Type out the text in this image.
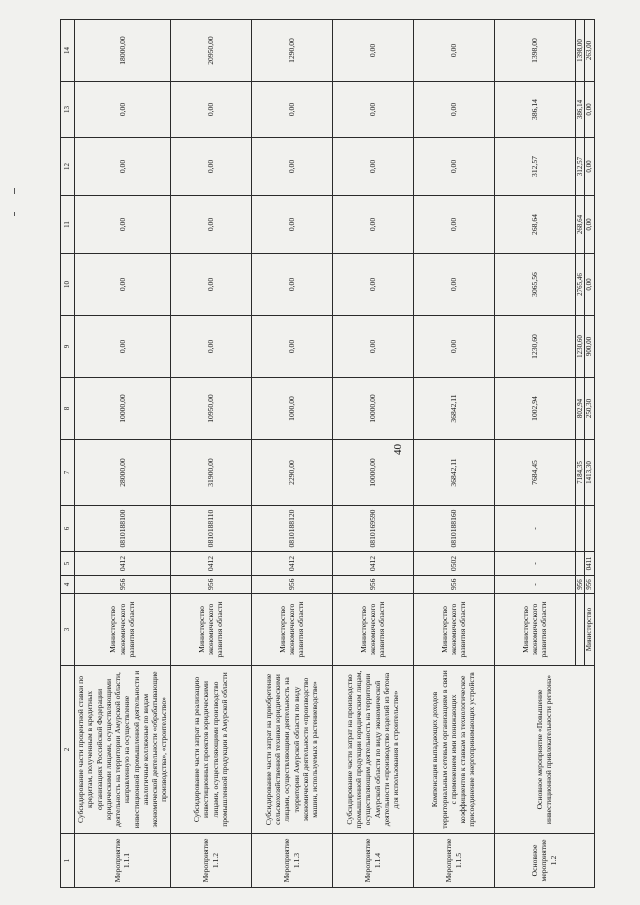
40
1	2	3	4	5	6	7	8	9	10	11	12	13	14
Мероприятие 1.1.1	Субсидирование части процентной ставки по кредитам, полученным в кредитных организациях Российской Федерации юридическими лицами, осуществляющими деятельность на территории Амурской области, направленную на осуществление инвестиционной промышленной деятельности и аналогичные колляжные по видам экономической деятельности «обрабатывающие производства», «строительство»	Министерство экономического развития области	956	0412	0810188100	28000,00	10000,00	0,00	0,00	0,00	0,00	0,00	18000,00
Мероприятие 1.1.2	Субсидирование части затрат на реализацию инвестиционных проектов юридическими лицами, осуществляющими производство промышленной продукции в Амурской области	Министерство экономического развития области	956	0412	0810188110	31900,00	10950,00	0,00	0,00	0,00	0,00	0,00	20950,00
Мероприятие 1.1.3	Субсидирование части затрат на приобретение сельскохозяйственной техники юридическими лицами, осуществляющими деятельность на территории Амурской области по виду экономической деятельности «производство машин, используемых в растениеводстве»	Министерство экономического развития области	956	0412	0810188120	2290,00	1000,00	0,00	0,00	0,00	0,00	0,00	1290,00
Мероприятие 1.1.4	Субсидирование части затрат на производство промышленной продукции юридическим лицам, осуществляющим деятельность на территории Амурской области по виду экономической деятельности «производство изделий из бетона для использования в строительстве»	Министерство экономического развития области	956	0412	0810169590	10000,00	10000,00	0,00	0,00	0,00	0,00	0,00	0,00
Мероприятие 1.1.5	Компенсация выпадающих доходов территориальным сетевым организациям в связи с применением ими понижающих коэффициентов к ставкам за технологическое присоединение энергопринимающих устройств	Министерство экономического развития области	956	0502	0810188160	36842,11	36842,11	0,00	0,00	0,00	0,00	0,00	0,00
Основное мероприятие 1.2	Основное мероприятие «Повышение инвестиционной привлекательности региона»	Министерство экономического развития области	-	-	-	7684,45	1002,94	1230,60	3065,56	268,64	312,57	386,14	1398,00
			956			7184,35	802,94	1230,60	2765,46	268,64	312,57	386,14	1398,00
		Министерство	956	0411		1413,30	250,30	900,00	0,00	0,00	0,00	0,00	263,00
